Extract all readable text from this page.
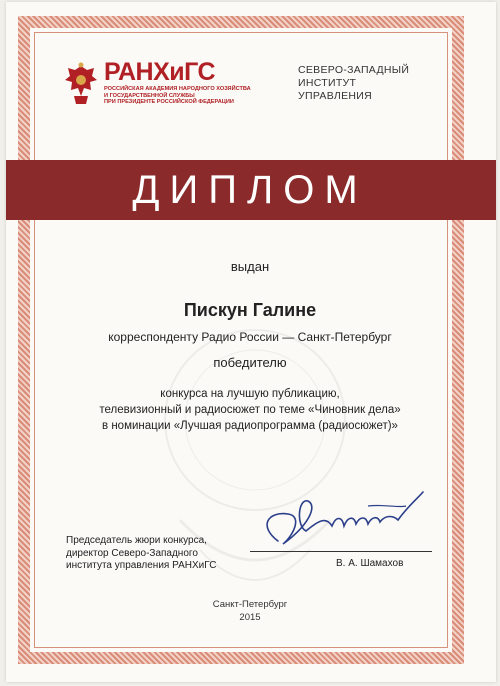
РАНХиГС
РОССИЙСКАЯ АКАДЕМИЯ НАРОДНОГО ХОЗЯЙСТВА
И ГОСУДАРСТВЕННОЙ СЛУЖБЫ
ПРИ ПРЕЗИДЕНТЕ РОССИЙСКОЙ ФЕДЕРАЦИИ
СЕВЕРО-ЗАПАДНЫЙ
ИНСТИТУТ
УПРАВЛЕНИЯ
ДИПЛОМ
выдан
Пискун Галине
корреспонденту Радио России — Санкт-Петербург
победителю
конкурса на лучшую публикацию,
телевизионный и радиосюжет по теме «Чиновник дела»
в номинации «Лучшая радиопрограмма (радиосюжет)»
Председатель жюри конкурса,
директор Северо-Западного
института управления РАНХиГС	В. А. Шамахов
Санкт-Петербург
2015
